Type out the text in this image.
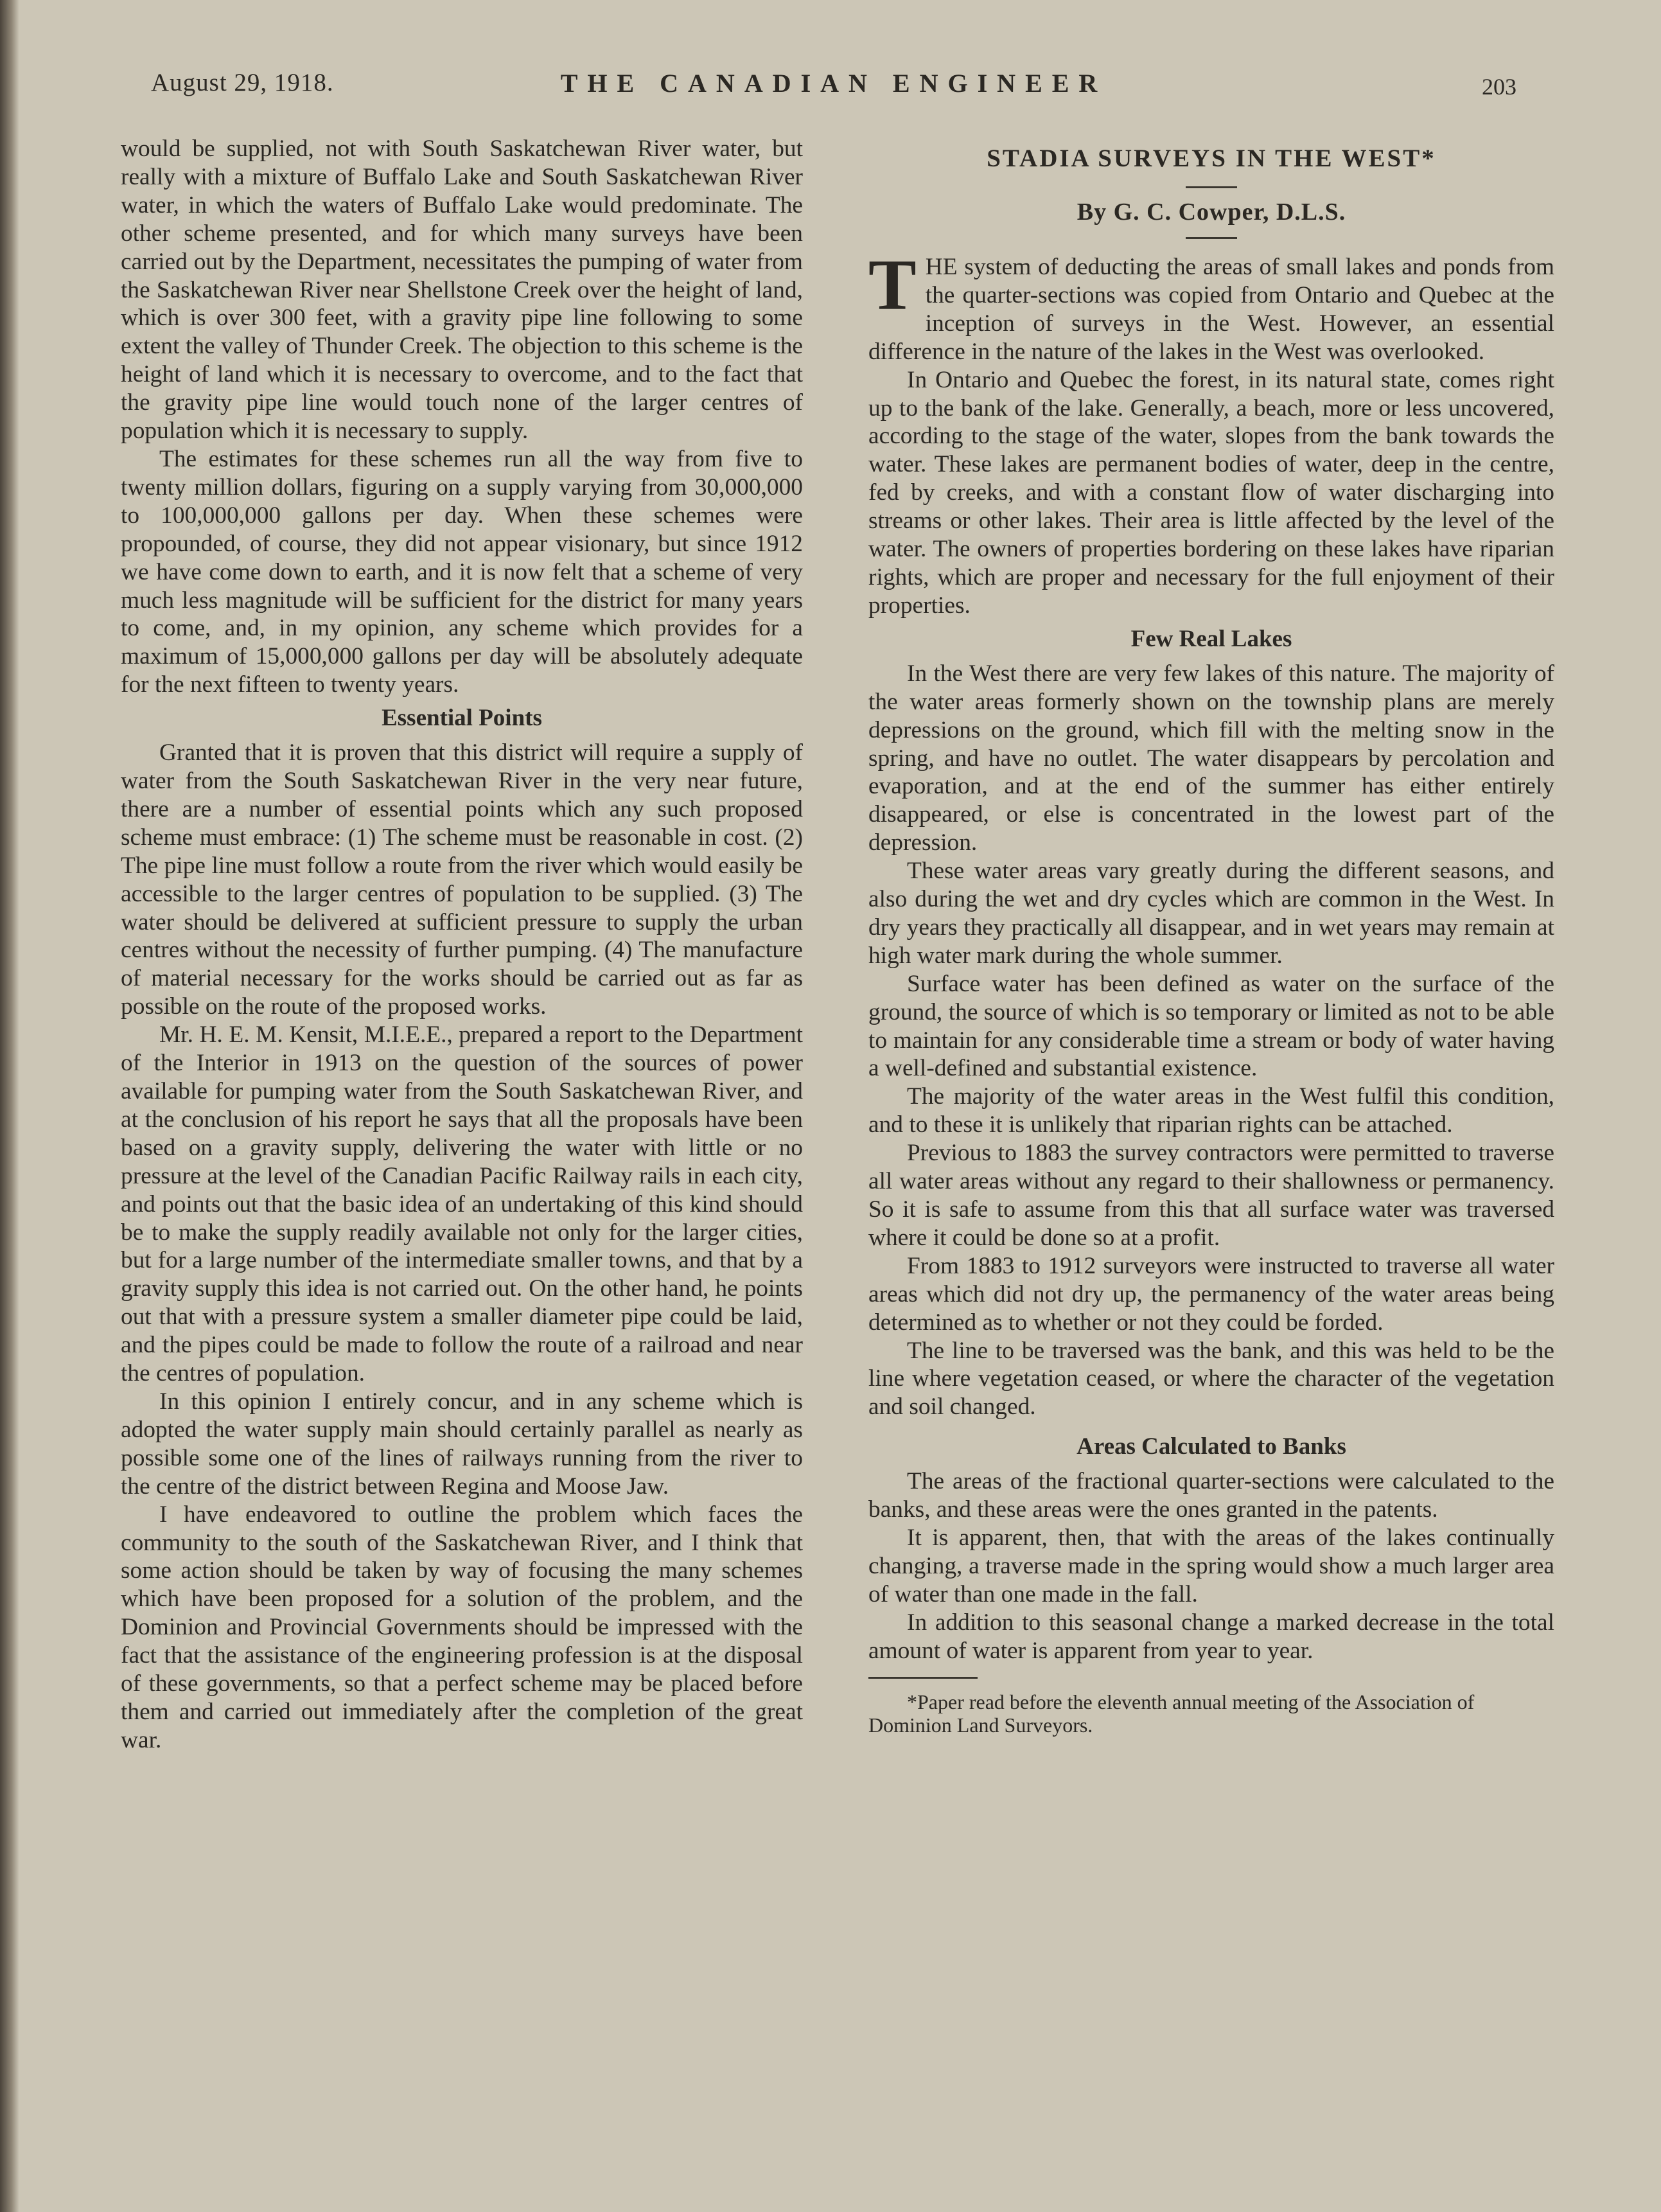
August 29, 1918.	THE CANADIAN ENGINEER	203

would be supplied, not with South Saskatchewan River water, but really with a mixture of Buffalo Lake and South Saskatchewan River water, in which the waters of Buffalo Lake would predominate. The other scheme presented, and for which many surveys have been carried out by the Department, necessitates the pumping of water from the Saskatchewan River near Shellstone Creek over the height of land, which is over 300 feet, with a gravity pipe line following to some extent the valley of Thunder Creek. The objection to this scheme is the height of land which it is necessary to overcome, and to the fact that the gravity pipe line would touch none of the larger centres of population which it is necessary to supply.

The estimates for these schemes run all the way from five to twenty million dollars, figuring on a supply varying from 30,000,000 to 100,000,000 gallons per day. When these schemes were propounded, of course, they did not appear visionary, but since 1912 we have come down to earth, and it is now felt that a scheme of very much less magnitude will be sufficient for the district for many years to come, and, in my opinion, any scheme which provides for a maximum of 15,000,000 gallons per day will be absolutely adequate for the next fifteen to twenty years.

Essential Points

Granted that it is proven that this district will require a supply of water from the South Saskatchewan River in the very near future, there are a number of essential points which any such proposed scheme must embrace: (1) The scheme must be reasonable in cost. (2) The pipe line must follow a route from the river which would easily be accessible to the larger centres of population to be supplied. (3) The water should be delivered at sufficient pressure to supply the urban centres without the necessity of further pumping. (4) The manufacture of material necessary for the works should be carried out as far as possible on the route of the proposed works.

Mr. H. E. M. Kensit, M.I.E.E., prepared a report to the Department of the Interior in 1913 on the question of the sources of power available for pumping water from the South Saskatchewan River, and at the conclusion of his report he says that all the proposals have been based on a gravity supply, delivering the water with little or no pressure at the level of the Canadian Pacific Railway rails in each city, and points out that the basic idea of an undertaking of this kind should be to make the supply readily available not only for the larger cities, but for a large number of the intermediate smaller towns, and that by a gravity supply this idea is not carried out. On the other hand, he points out that with a pressure system a smaller diameter pipe could be laid, and the pipes could be made to follow the route of a railroad and near the centres of population.

In this opinion I entirely concur, and in any scheme which is adopted the water supply main should certainly parallel as nearly as possible some one of the lines of railways running from the river to the centre of the district between Regina and Moose Jaw.

I have endeavored to outline the problem which faces the community to the south of the Saskatchewan River, and I think that some action should be taken by way of focusing the many schemes which have been proposed for a solution of the problem, and the Dominion and Provincial Governments should be impressed with the fact that the assistance of the engineering profession is at the disposal of these governments, so that a perfect scheme may be placed before them and carried out immediately after the completion of the great war.

STADIA SURVEYS IN THE WEST*
By G. C. Cowper, D.L.S.
T HE system of deducting the areas of small lakes and ponds from the quarter-sections was copied from Ontario and Quebec at the inception of surveys in the West. However, an essential difference in the nature of the lakes in the West was overlooked.

In Ontario and Quebec the forest, in its natural state, comes right up to the bank of the lake. Generally, a beach, more or less uncovered, according to the stage of the water, slopes from the bank towards the water. These lakes are permanent bodies of water, deep in the centre, fed by creeks, and with a constant flow of water discharging into streams or other lakes. Their area is little affected by the level of the water. The owners of properties bordering on these lakes have riparian rights, which are proper and necessary for the full enjoyment of their properties.

Few Real Lakes

In the West there are very few lakes of this nature. The majority of the water areas formerly shown on the township plans are merely depressions on the ground, which fill with the melting snow in the spring, and have no outlet. The water disappears by percolation and evaporation, and at the end of the summer has either entirely disappeared, or else is concentrated in the lowest part of the depression.

These water areas vary greatly during the different seasons, and also during the wet and dry cycles which are common in the West. In dry years they practically all disappear, and in wet years may remain at high water mark during the whole summer.

Surface water has been defined as water on the surface of the ground, the source of which is so temporary or limited as not to be able to maintain for any considerable time a stream or body of water having a well-defined and substantial existence.

The majority of the water areas in the West fulfil this condition, and to these it is unlikely that riparian rights can be attached.

Previous to 1883 the survey contractors were permitted to traverse all water areas without any regard to their shallowness or permanency. So it is safe to assume from this that all surface water was traversed where it could be done so at a profit.

From 1883 to 1912 surveyors were instructed to traverse all water areas which did not dry up, the permanency of the water areas being determined as to whether or not they could be forded.

The line to be traversed was the bank, and this was held to be the line where vegetation ceased, or where the character of the vegetation and soil changed.

Areas Calculated to Banks

The areas of the fractional quarter-sections were calculated to the banks, and these areas were the ones granted in the patents.

It is apparent, then, that with the areas of the lakes continually changing, a traverse made in the spring would show a much larger area of water than one made in the fall.

In addition to this seasonal change a marked decrease in the total amount of water is apparent from year to year.

*Paper read before the eleventh annual meeting of the Association of Dominion Land Surveyors.
